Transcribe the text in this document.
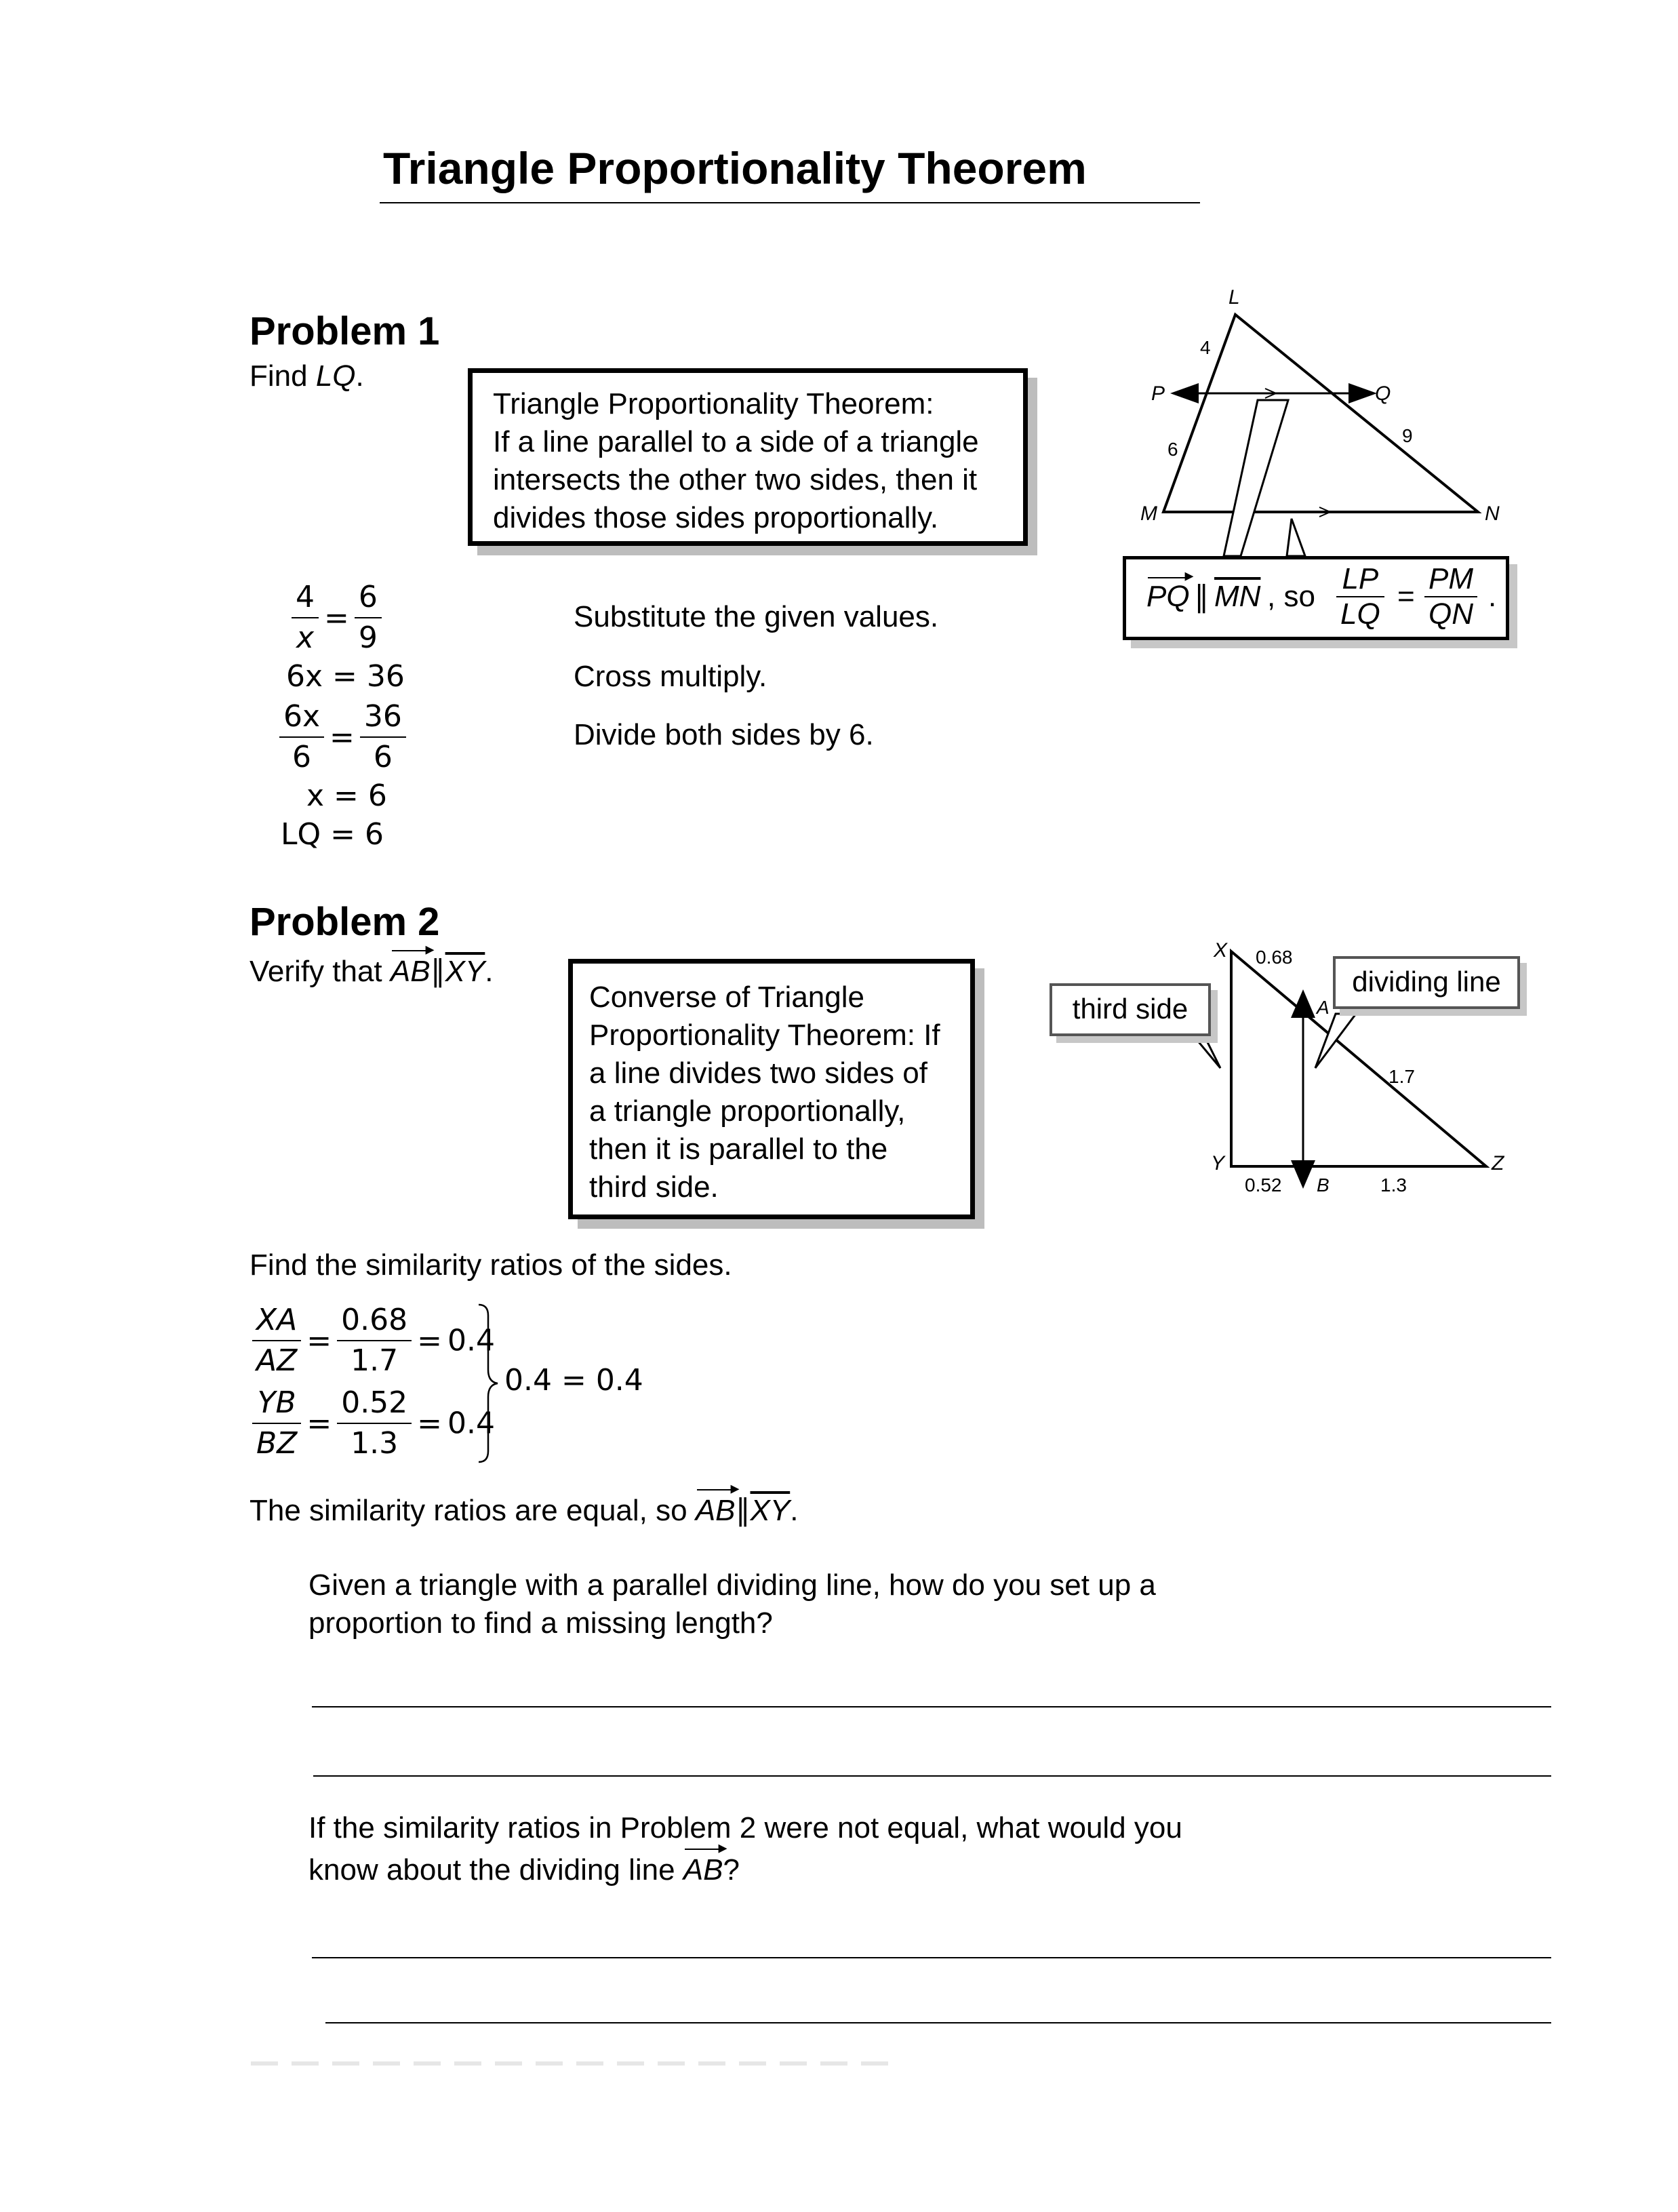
Triangle Proportionality Theorem
Problem 1
Find LQ.
Triangle Proportionality Theorem:
If a line parallel to a side of a triangle
intersects the other two sides, then it
divides those sides proportionally.
$\frac{4}{x} = \frac{6}{9}$	Substitute the given values.
6x = 36	Cross multiply.
$\frac{6x}{6} = \frac{36}{6}$	Divide both sides by 6.
x = 6
LQ = 6
L
P	Q
M	N
4
6
9
PQ ▸ ∥ $\overline{MN}$ , so $\frac{LP}{LQ} = \frac{PM}{QN}$ .
Problem 2
Verify that AB $▸\parallel\overline{XY}$.
Converse of Triangle
Proportionality Theorem: If
a line divides two sides of
a triangle proportionally,
then it is parallel to the
third side.
X
Y	Z
A
B
0.68
1.7
0.52	1.3
third side
dividing line
Find the similarity ratios of the sides.
$\frac{XA}{AZ} = \frac{0.68}{1.7} = 0.4$
$\frac{YB}{BZ} = \frac{0.52}{1.3} = 0.4$
0.4 = 0.4
The similarity ratios are equal, so AB $▸\parallel\overline{XY}$.
Given a triangle with a parallel dividing line, how do you set up a
proportion to find a missing length?
If the similarity ratios in Problem 2 were not equal, what would you
know about the dividing line AB ▸?
